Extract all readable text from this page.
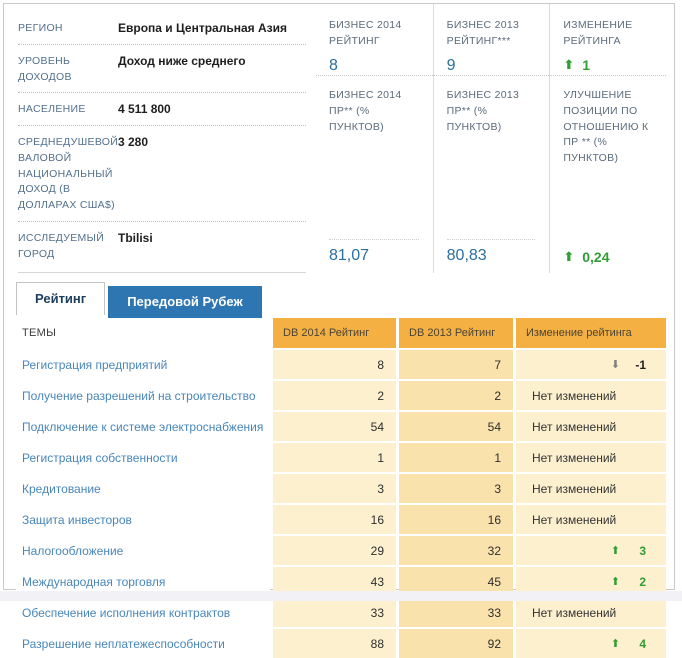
РЕГИОН	Европа и Центральная Азия
УРОВЕНЬ ДОХОДОВ
Доход ниже среднего
НАСЕЛЕНИЕ	4 511 800
СРЕДНЕДУШЕВОЙ ВАЛОВОЙ НАЦИОНАЛЬНЫЙ ДОХОД (В ДОЛЛАРАХ США$)
3 280
ИССЛЕДУЕМЫЙ ГОРОД
Tbilisi
БИЗНЕС 2014 РЕЙТИНГ
8
БИЗНЕС 2013 РЕЙТИНГ***
9
ИЗМЕНЕНИЕ РЕЙТИНГА
⬆ 1
БИЗНЕС 2014 ПР** (% ПУНКТОВ)
81,07
БИЗНЕС 2013 ПР** (% ПУНКТОВ)
80,83
УЛУЧШЕНИЕ ПОЗИЦИИ ПО ОТНОШЕНИЮ К ПР ** (% ПУНКТОВ)
⬆ 0,24
Рейтинг	Передовой Рубеж
ТЕМЫ	DB 2014 Рейтинг	DB 2013 Рейтинг	Изменение рейтинга
Регистрация предприятий	8	7	⬇	-1
Получение разрешений на строительство	2	2	Нет изменений
Подключение к системе электроснабжения	54	54	Нет изменений
Регистрация собственности	1	1	Нет изменений
Кредитование	3	3	Нет изменений
Защита инвесторов	16	16	Нет изменений
Налогообложение	29	32	⬆	3
Международная торговля	43	45	⬆	2
Обеспечение исполнения контрактов	33	33	Нет изменений
Разрешение неплатежеспособности	88	92	⬆	4
